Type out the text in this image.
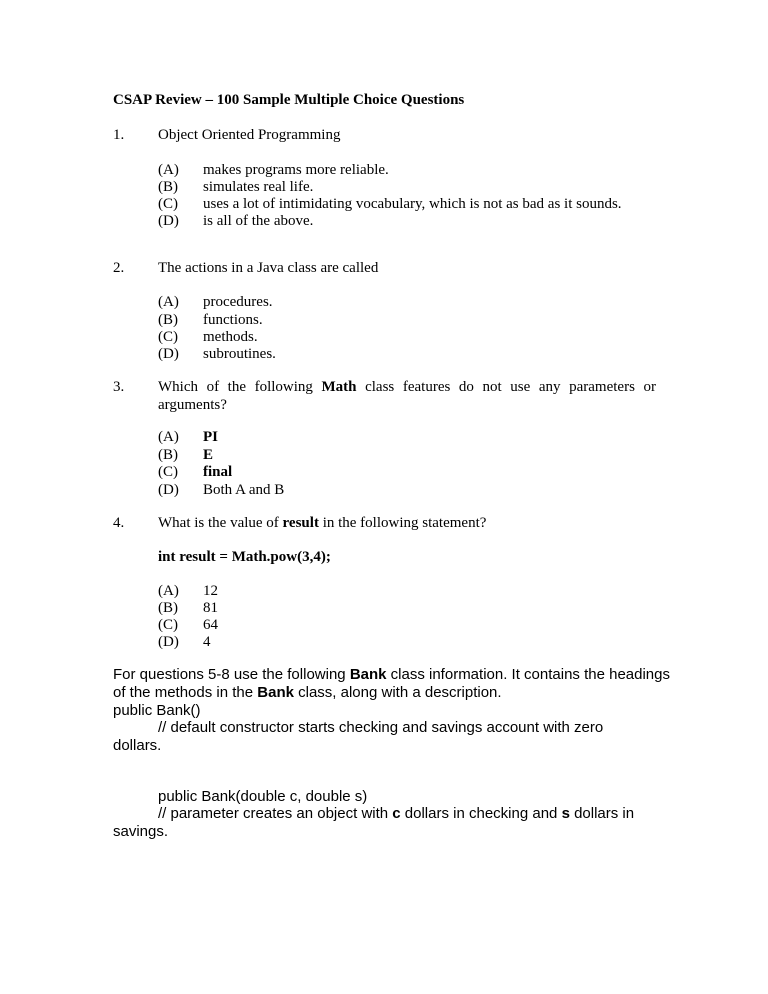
CSAP Review – 100 Sample Multiple Choice Questions
1. Object Oriented Programming
(A) makes programs more reliable.
(B) simulates real life.
(C) uses a lot of intimidating vocabulary, which is not as bad as it sounds.
(D) is all of the above.
2. The actions in a Java class are called
(A) procedures.
(B) functions.
(C) methods.
(D) subroutines.
3. Which of the following Math class features do not use any parameters or arguments?
(A) PI
(B) E
(C) final
(D) Both A and B
4. What is the value of result in the following statement?
int result = Math.pow(3,4);
(A) 12
(B) 81
(C) 64
(D) 4
For questions 5-8 use the following Bank class information. It contains the headings of the methods in the Bank class, along with a description.
public Bank()
// default constructor starts checking and savings account with zero
dollars.
public Bank(double c, double s)
// parameter creates an object with c dollars in checking and s dollars in
savings.
